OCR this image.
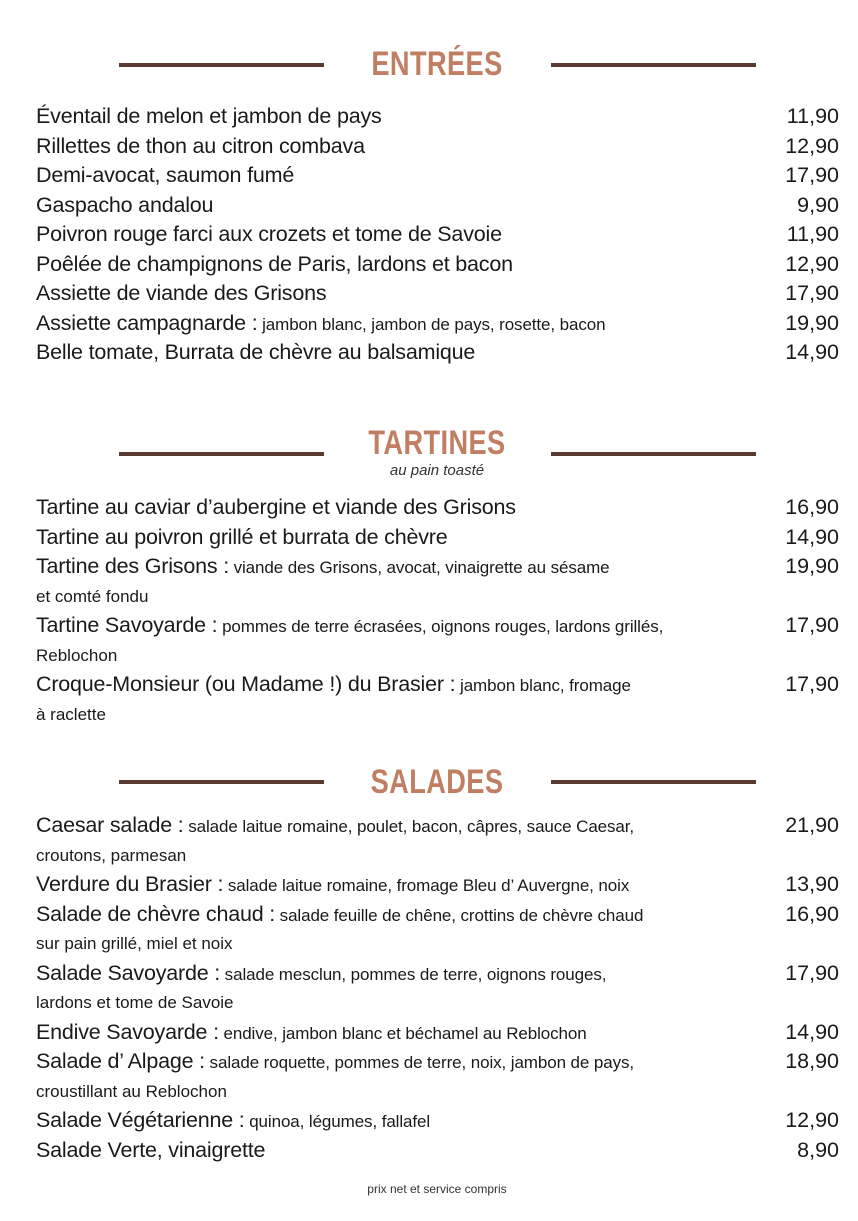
ENTRÉES
Éventail de melon et jambon de pays	11,90
Rillettes de thon au citron combava	12,90
Demi-avocat, saumon fumé	17,90
Gaspacho andalou	9,90
Poivron rouge farci aux crozets et tome de Savoie	11,90
Poêlée de champignons de Paris, lardons et bacon	12,90
Assiette de viande des Grisons	17,90
Assiette campagnarde : jambon blanc, jambon de pays, rosette, bacon	19,90
Belle tomate, Burrata de chèvre au balsamique	14,90
TARTINES
au pain toasté
Tartine au caviar d’aubergine et viande des Grisons	16,90
Tartine au poivron grillé et burrata de chèvre	14,90
Tartine des Grisons : viande des Grisons, avocat, vinaigrette au sésame	19,90
et comté fondu
Tartine Savoyarde : pommes de terre écrasées, oignons rouges, lardons grillés,	17,90
Reblochon
Croque-Monsieur (ou Madame !) du Brasier : jambon blanc, fromage	17,90
à raclette
SALADES
Caesar salade : salade laitue romaine, poulet, bacon, câpres, sauce Caesar,	21,90
croutons, parmesan
Verdure du Brasier : salade laitue romaine, fromage Bleu d’ Auvergne, noix	13,90
Salade de chèvre chaud : salade feuille de chêne, crottins de chèvre chaud	16,90
sur pain grillé, miel et noix
Salade Savoyarde : salade mesclun, pommes de terre, oignons rouges,	17,90
lardons et tome de Savoie
Endive Savoyarde : endive, jambon blanc et béchamel au Reblochon	14,90
Salade d’ Alpage : salade roquette, pommes de terre, noix, jambon de pays,	18,90
croustillant au Reblochon
Salade Végétarienne : quinoa, légumes, fallafel	12,90
Salade Verte, vinaigrette	8,90
prix net et service compris
